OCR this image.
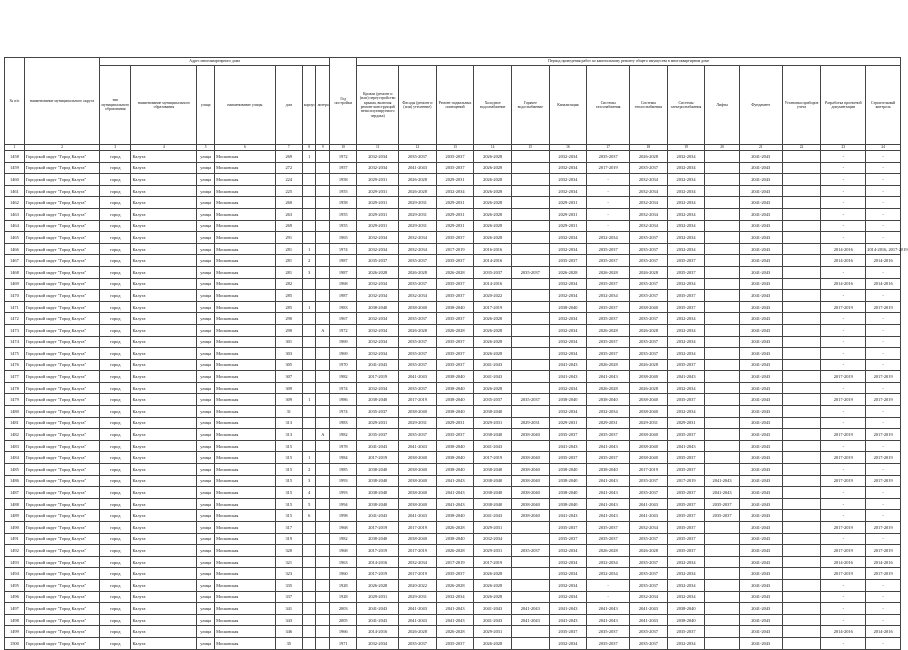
№ п/п	наименование муниципального округа	Адрес многоквартирного дома							Год постройки	Период проведения работ по капитальному ремонту общего имущества в многоквартирном доме													
		тип муниципального образования	наименование муниципального образования	улица	наименование улицы	дом	корпус	литера		Кровли (ремонт и (или) переустройство крыши, включая ремонт конструкций неэксплуатируемого чердака)	Фасады (ремонт и (или) утепление)	Ремонт подвальных помещений	Холодное водоснабжение	Горячее водоснабжение	Канализация	Системы газоснабжения	Системы теплоснабжения	Системы электроснабжения	Лифты	Фундамент	Установка приборов учета	Разработка проектной документации	Строительный контроль
1	2	3	4	5	6	7	8	9	10	11	12	13	14	15	16	17	18	19	20	21	22	23	24
1458	Городской округ "Город Калуга"	город	Калуга	улица	Московская	269	1		1972	2032-2034	2035-2037	2035-2037	2026-2028		2032-2034	2035-2037	2026-2028	2032-2034		2041-2043		-	-
1459	Городской округ "Город Калуга"	город	Калуга	улица	Московская	272			1957	2032-2034	2041-2043	2035-2037	2026-2028		2032-2034	2017-2019	2035-2037	2032-2034		2041-2043		-	-
1460	Городской округ "Город Калуга"	город	Калуга	улица	Московская	224			1958	2029-2031	2026-2028	2029-2031	2026-2028		2032-2034	-	2032-2034	2032-2034		2041-2043		-	-
1461	Городской округ "Город Калуга"	город	Калуга	улица	Московская	225			1955	2029-2031	2026-2028	2032-2034	2026-2028		2032-2034	-	2032-2034	2032-2034		2041-2043		-	-
1462	Городской округ "Город Калуга"	город	Калуга	улица	Московская	260			1958	2029-2031	2029-2031	2029-2031	2026-2028		2029-2031	-	2032-2034	2032-2034		2041-2043		-	-
1463	Городской округ "Город Калуга"	город	Калуга	улица	Московская	263			1955	2029-2031	2029-2031	2029-2031	2026-2028		2029-2031	-	2032-2034	2032-2034		2041-2043		-	-
1464	Городской округ "Город Калуга"	город	Калуга	улица	Московская	269			1955	2029-2031	2029-2031	2029-2031	2026-2028		2029-2031	-	2032-2034	2032-2034		2041-2043		-	-
1465	Городской округ "Город Калуга"	город	Калуга	улица	Московская	291			1965	2032-2034	2032-2034	2035-2037	2026-2028		2032-2034	2032-2034	2035-2037	2032-2034		2041-2043		-	-
1466	Городской округ "Город Калуга"	город	Калуга	улица	Московская	281	1		1974	2032-2034	2032-2034	2017-2019	2016-2016		2032-2034	2035-2037	2035-2037	2032-2034		2041-2043		2014-2016	2014-2016, 2017-2019
1467	Городской округ "Город Калуга"	город	Калуга	улица	Московская	281	2		1987	2035-2037	2035-2037	2035-2037	2014-2016		2035-2037	2035-2037	2035-2037	2035-2037		2041-2043		2014-2016	2014-2016
1468	Городской округ "Город Калуга"	город	Калуга	улица	Московская	281	3		1987	2026-2028	2026-2028	2026-2028	2035-2037	2035-2037	2026-2028	2026-2028	2026-2028	2035-2037		2041-2043		-	-
1469	Городской округ "Город Калуга"	город	Калуга	улица	Московская	282			1968	2032-2034	2035-2037	2035-2037	2014-2016		2032-2034	2035-2037	2035-2037	2032-2034		2041-2043		2014-2016	2014-2016
1470	Городской округ "Город Калуга"	город	Калуга	улица	Московская	285			1987	2032-2034	2032-2034	2035-2037	2020-2022		2032-2034	2032-2034	2035-2037	2035-2037		2041-2043		-	-
1471	Городской округ "Город Калуга"	город	Калуга	улица	Московская	285	1		1983	2038-2040	2038-2040	2038-2040	2017-2019		2038-2040	2035-2037	2038-2040	2035-2037		2041-2043		2017-2019	2017-2019
1472	Городской округ "Город Калуга"	город	Калуга	улица	Московская	290			1967	2032-2034	2035-2037	2035-2037	2026-2028		2032-2034	2035-2037	2035-2037	2032-2034		2041-2043		-	-
1473	Городской округ "Город Калуга"	город	Калуга	улица	Московская	290		А	1972	2032-2034	2026-2028	2026-2028	2026-2028		2032-2034	2026-2028	2026-2028	2032-2034		2041-2043		-	-
1474	Городской округ "Город Калуга"	город	Калуга	улица	Московская	301			1969	2032-2034	2035-2037	2035-2037	2026-2028		2032-2034	2035-2037	2035-2037	2032-2034		2041-2043		-	-
1475	Городской округ "Город Калуга"	город	Калуга	улица	Московская	303			1969	2032-2034	2035-2037	2035-2037	2026-2028		2032-2034	2035-2037	2035-2037	2032-2034		2041-2043		-	-
1476	Городской округ "Город Калуга"	город	Калуга	улица	Московская	305			1970	2041-2043	2035-2037	2035-2037	2041-2043		2041-2043	2026-2028	2026-2028	2035-2037		2041-2043		-	-
1477	Городской округ "Город Калуга"	город	Калуга	улица	Московская	307			1982	2017-2019	2041-2043	2038-2040	2041-2043		2041-2043	2041-2043	2038-2040	2041-2043		2041-2043		2017-2019	2017-2019
1478	Городской округ "Город Калуга"	город	Калуга	улица	Московская	309			1974	2032-2034	2035-2037	2038-2040	2026-2028		2032-2034	2026-2028	2026-2028	2032-2034		2041-2043		-	-
1479	Городской округ "Город Калуга"	город	Калуга	улица	Московская	309	1		1986	2038-2040	2017-2019	2038-2040	2035-2037	2035-2037	2038-2040	2038-2040	2038-2040	2035-2037		2041-2043		2017-2019	2017-2019
1480	Городской округ "Город Калуга"	город	Калуга	улица	Московская	31			1974	2035-2037	2038-2040	2038-2040	2038-2040		2032-2034	2032-2034	2038-2040	2032-2034		2041-2043		-	-
1481	Городской округ "Город Калуга"	город	Калуга	улица	Московская	313			1983	2029-2031	2029-2031	2029-2031	2029-2031	2029-2031	2029-2031	2029-2031	2029-2031	2029-2031		2041-2043		-	-
1482	Городской округ "Город Калуга"	город	Калуга	улица	Московская	313		А	1982	2035-2037	2035-2037	2035-2037	2038-2040	2038-2040	2035-2037	2035-2037	2038-2040	2035-2037		2041-2043		2017-2019	2017-2019
1483	Городской округ "Город Калуга"	город	Калуга	улица	Московская	315			1978	2041-2043	2041-2043	2038-2040	2041-2043		2041-2043	2041-2043	2038-2040	2041-2043		2041-2043		-	-
1484	Городской округ "Город Калуга"	город	Калуга	улица	Московская	315	1		1984	2017-2019	2038-2040	2038-2040	2017-2019	2038-2040	2035-2037	2035-2037	2038-2040	2035-2037		2041-2043		2017-2019	2017-2019
1485	Городской округ "Город Калуга"	город	Калуга	улица	Московская	315	2		1985	2038-2040	2038-2040	2038-2040	2038-2040	2038-2040	2038-2040	2038-2040	2017-2019	2035-2037		2041-2043		-	-
1486	Городской округ "Город Калуга"	город	Калуга	улица	Московская	315	3		1993	2038-2040	2038-2040	2041-2043	2038-2040	2038-2040	2038-2040	2041-2043	2035-2037	2017-2019	2041-2043	2041-2043		2017-2019	2017-2019
1487	Городской округ "Город Калуга"	город	Калуга	улица	Московская	315	4		1993	2038-2040	2038-2040	2041-2043	2038-2040	2038-2040	2038-2040	2041-2043	2035-2037	2035-2037	2041-2043	2041-2043		-	-
1488	Городской округ "Город Калуга"	город	Калуга	улица	Московская	315	5		1994	2038-2040	2038-2040	2041-2043	2038-2040	2038-2040	2038-2040	2041-2043	2041-2043	2035-2037	2035-2037	2041-2043		-	-
1489	Городской округ "Город Калуга"	город	Калуга	улица	Московская	315	6		1998	2041-2043	2041-2043	2038-2040	2041-2043	2038-2040	2041-2043	2041-2043	2041-2043	2035-2037	2035-2037	2041-2043		-	-
1490	Городской округ "Город Калуга"	город	Калуга	улица	Московская	317			1968	2017-2019	2017-2019	2026-2028	2029-2031		2035-2037	2035-2037	2032-2034	2035-2037		2041-2043		2017-2019	2017-2019
1491	Городской округ "Город Калуга"	город	Калуга	улица	Московская	319			1982	2038-2040	2038-2040	2038-2040	2032-2034		2035-2037	2035-2037	2035-2037	2035-2037		2041-2043		-	-
1492	Городской округ "Город Калуга"	город	Калуга	улица	Московская	320			1968	2017-2019	2017-2019	2026-2028	2029-2031	2035-2037	2032-2034	2026-2028	2026-2028	2035-2037		2041-2043		2017-2019	2017-2019
1493	Городской округ "Город Калуга"	город	Калуга	улица	Московская	321			1963	2014-2016	2032-2034	2017-2019	2017-2019		2032-2034	2032-2034	2035-2037	2032-2034		2041-2043		2014-2016	2014-2016
1494	Городской округ "Город Калуга"	город	Калуга	улица	Московская	323			1960	2017-2019	2017-2019	2035-2037	2026-2028		2032-2034	2032-2034	2035-2037	2032-2034		2041-2043		2017-2019	2017-2019
1495	Городской округ "Город Калуга"	город	Калуга	улица	Московская	335			1928	2026-2028	2020-2022	2026-2028	2026-2028		2032-2034	-	2035-2037	2032-2034		2041-2043		-	-
1496	Городской округ "Город Калуга"	город	Калуга	улица	Московская	337			1928	2029-2031	2029-2031	2032-2034	2026-2028		2032-2034	-	2032-2034	2032-2034		2041-2043		-	-
1497	Городской округ "Город Калуга"	город	Калуга	улица	Московская	341			2003	2041-2043	2041-2043	2041-2043	2041-2043	2041-2043	2041-2043	2041-2043	2041-2043	2038-2040		2041-2043		-	-
1498	Городской округ "Город Калуга"	город	Калуга	улица	Московская	343			2005	2041-2043	2041-2043	2041-2043	2041-2043	2041-2043	2041-2043	2041-2043	2041-2043	2038-2040		2041-2043		-	-
1499	Городской округ "Город Калуга"	город	Калуга	улица	Московская	346			1966	2014-2016	2026-2028	2026-2028	2029-2031		2035-2037	2035-2037	2035-2037	2035-2037		2041-2043		2014-2016	2014-2016
1500	Городской округ "Город Калуга"	город	Калуга	улица	Московская	35			1971	2032-2034	2035-2037	2035-2037	2026-2028		2032-2034	2035-2037	2035-2037	2032-2034		2041-2043		-	-
